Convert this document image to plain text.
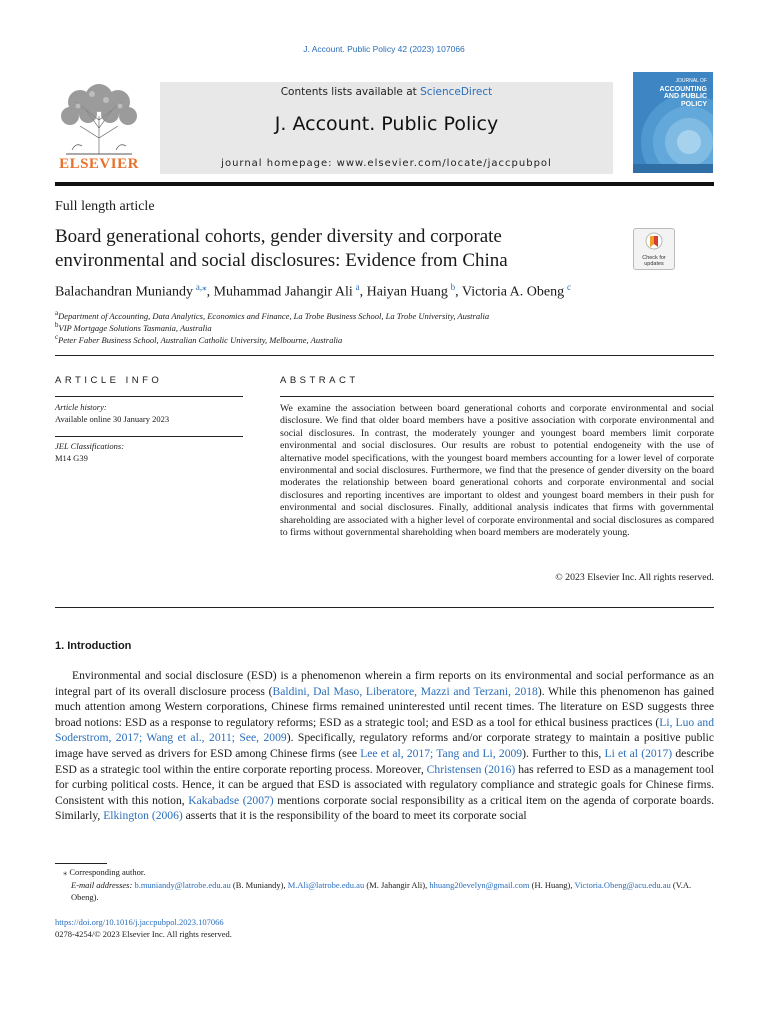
J. Account. Public Policy 42 (2023) 107066
ELSEVIER
Contents lists available at ScienceDirect
J. Account. Public Policy
journal homepage: www.elsevier.com/locate/jaccpubpol
JOURNAL OF
ACCOUNTING
AND PUBLIC
POLICY
Full length article
Board generational cohorts, gender diversity and corporate
environmental and social disclosures: Evidence from China	Check for
updates
Balachandran Muniandy  $^{a,⁎}$, Muhammad Jahangir Ali  $^a$, Haiyan Huang  $^b$, Victoria A. Obeng  $^c$
$^a$Department of Accounting, Data Analytics, Economics and Finance, La Trobe Business School, La Trobe University, Australia
$^b$VIP Mortgage Solutions Tasmania, Australia
$^c$Peter Faber Business School, Australian Catholic University, Melbourne, Australia
ARTICLE INFO
Article history:
Available online 30 January 2023
JEL Classifications:
M14 G39
ABSTRACT
We examine the association between board generational cohorts and corporate environmental and social disclosure. We find that older board members have a positive association with corporate environmental and social disclosures. In contrast, the moderately younger and youngest board members limit corporate environmental and social disclosures. Our results are robust to potential endogeneity with the use of alternative model specifications, with the youngest board members accounting for a lower level of corporate environmental and social disclosures. Furthermore, we find that the presence of gender diversity on the board moderates the relationship between board generational cohorts and corporate environmental and social disclosures and reporting incentives are important to oldest and youngest board members in their push for environmental and social disclosures. Finally, additional analysis indicates that firms with governmental shareholding are associated with a higher level of corporate environmental and social disclosures as compared to firms without governmental shareholding when board members are moderately young.
© 2023 Elsevier Inc. All rights reserved.
1. Introduction
Environmental and social disclosure (ESD) is a phenomenon wherein a firm reports on its environmental and social performance as an integral part of its overall disclosure process (Baldini, Dal Maso, Liberatore, Mazzi and Terzani, 2018). While this phenomenon has gained much attention among Western corporations, Chinese firms remained uninterested until recent times. The literature on ESD suggests three broad notions: ESD as a response to regulatory reforms; ESD as a strategic tool; and ESD as a tool for ethical business practices (Li, Luo and Soderstrom, 2017; Wang et al., 2011; See, 2009). Specifically, regulatory reforms and/or corporate strategy to maintain a positive public image have served as drivers for ESD among Chinese firms (see Lee et al, 2017; Tang and Li, 2009). Further to this, Li et al (2017) describe ESD as a strategic tool within the entire corporate reporting process. Moreover, Christensen (2016) has referred to ESD as a management tool for curbing political costs. Hence, it can be argued that ESD is associated with regulatory compliance and strategic goals for Chinese firms. Consistent with this notion, Kakabadse (2007) mentions corporate social responsibility as a critical item on the agenda of corporate boards. Similarly, Elkington (2006) asserts that it is the responsibility of the board to meet its corporate social
⁎ Corresponding author.
E-mail addresses: b.muniandy@latrobe.edu.au (B. Muniandy), M.Ali@latrobe.edu.au (M. Jahangir Ali), hhuang20evelyn@gmail.com (H. Huang), Victoria.Obeng@acu.edu.au (V.A. Obeng).
https://doi.org/10.1016/j.jaccpubpol.2023.107066
0278-4254/© 2023 Elsevier Inc. All rights reserved.
